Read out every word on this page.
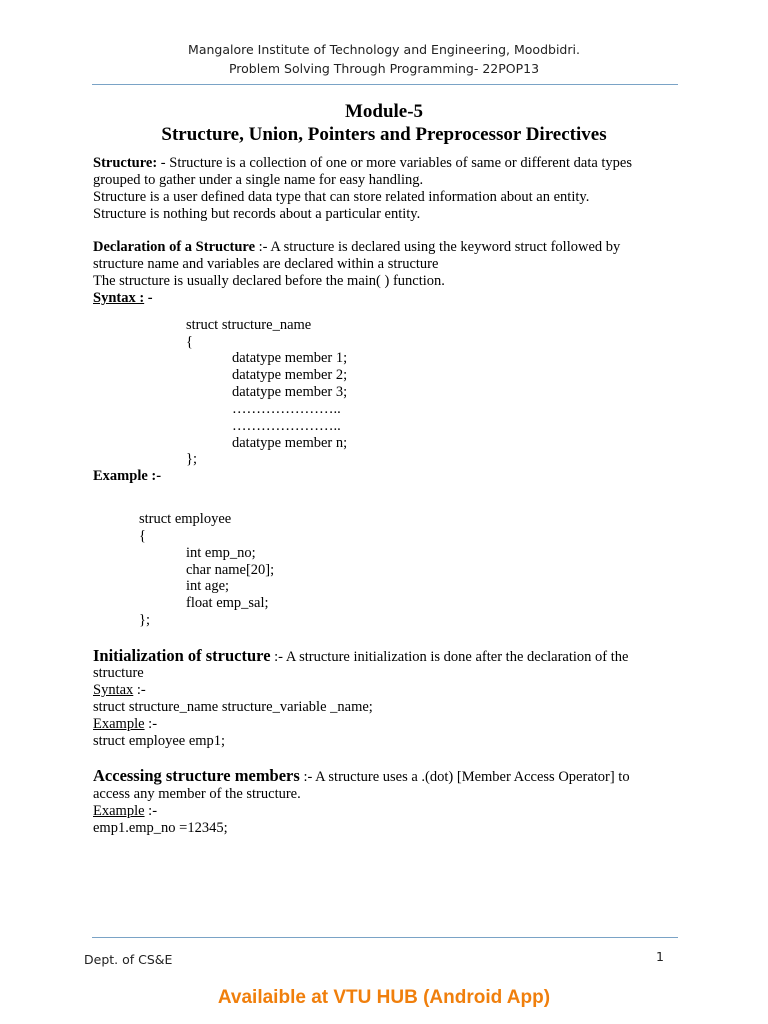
Mangalore Institute of Technology and Engineering, Moodbidri.
Problem Solving Through Programming- 22POP13
Module-5
Structure, Union, Pointers and Preprocessor Directives
Structure: - Structure is a collection of one or more variables of same or different data types
grouped to gather under a single name for easy handling.
Structure is a user defined data type that can store related information about an entity.
Structure is nothing but records about a particular entity.
Declaration of a Structure :- A structure is declared using the keyword struct followed by
structure name and variables are declared within a structure
The structure is usually declared before the main( ) function.
Syntax : -
struct structure_name
{
datatype member 1;
datatype member 2;
datatype member 3;
…………………..
…………………..
datatype member n;
};
Example :-
struct employee
{
int emp_no;
char name[20];
int age;
float emp_sal;
};
Initialization of structure :- A structure initialization is done after the declaration of the
structure
Syntax :-
struct structure_name structure_variable _name;
Example :-
struct employee emp1;
Accessing structure members :- A structure uses a .(dot) [Member Access Operator] to
access any member of the structure.
Example :-
emp1.emp_no =12345;
Dept. of CS&E	1
Availaible at VTU HUB (Android App)
